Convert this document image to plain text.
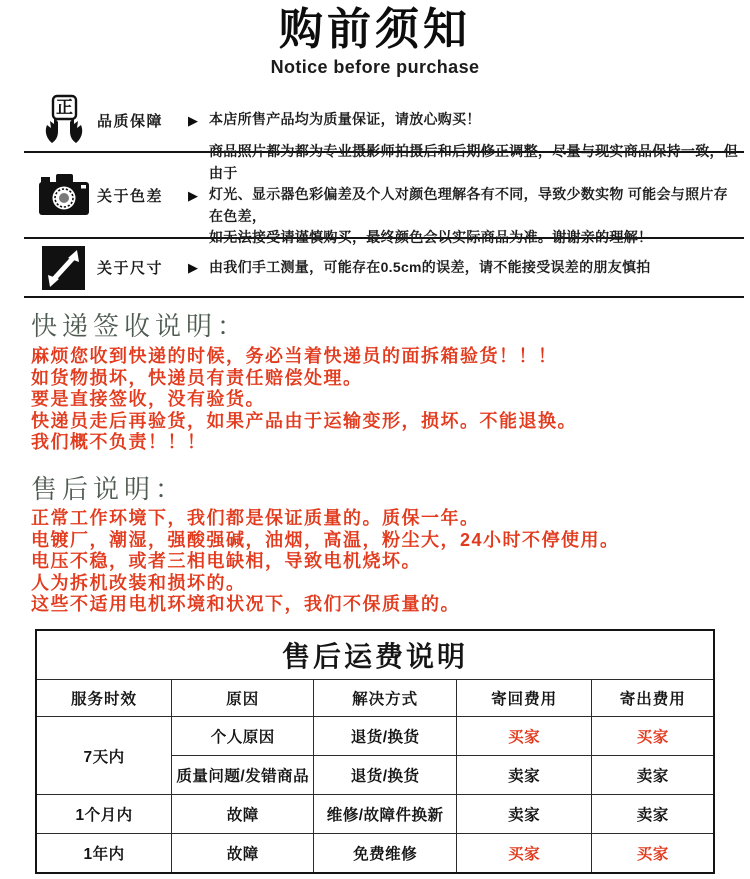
购前须知
Notice before purchase
正
品质保障	▶ 本店所售产品均为质量保证，请放心购买！
关于色差	▶
商品照片都为都为专业摄影师拍摄后和后期修正调整，尽量与现实商品保持一致，但由于
灯光、显示器色彩偏差及个人对颜色理解各有不同，导致少数实物 可能会与照片存在色差，
如无法接受请谨慎购买，最终颜色会以实际商品为准。谢谢亲的理解！
关于尺寸	▶ 由我们手工测量，可能存在0.5cm的误差，请不能接受误差的朋友慎拍
快递签收说明：
麻烦您收到快递的时候，务必当着快递员的面拆箱验货！！！
如货物损坏，快递员有责任赔偿处理。
要是直接签收，没有验货。
快递员走后再验货，如果产品由于运输变形，损坏。不能退换。
我们概不负责！！！
售后说明：
正常工作环境下，我们都是保证质量的。质保一年。
电镀厂，潮湿，强酸强碱，油烟，高温，粉尘大，24小时不停使用。
电压不稳，或者三相电缺相，导致电机烧坏。
人为拆机改装和损坏的。
这些不适用电机环境和状况下，我们不保质量的。
售后运费说明				
服务时效	原因	解决方式	寄回费用	寄出费用
7天内	个人原因	退货/换货	买家	买家
	质量问题/发错商品	退货/换货	卖家	卖家
1个月内	故障	维修/故障件换新	卖家	卖家
1年内	故障	免费维修	买家	买家
